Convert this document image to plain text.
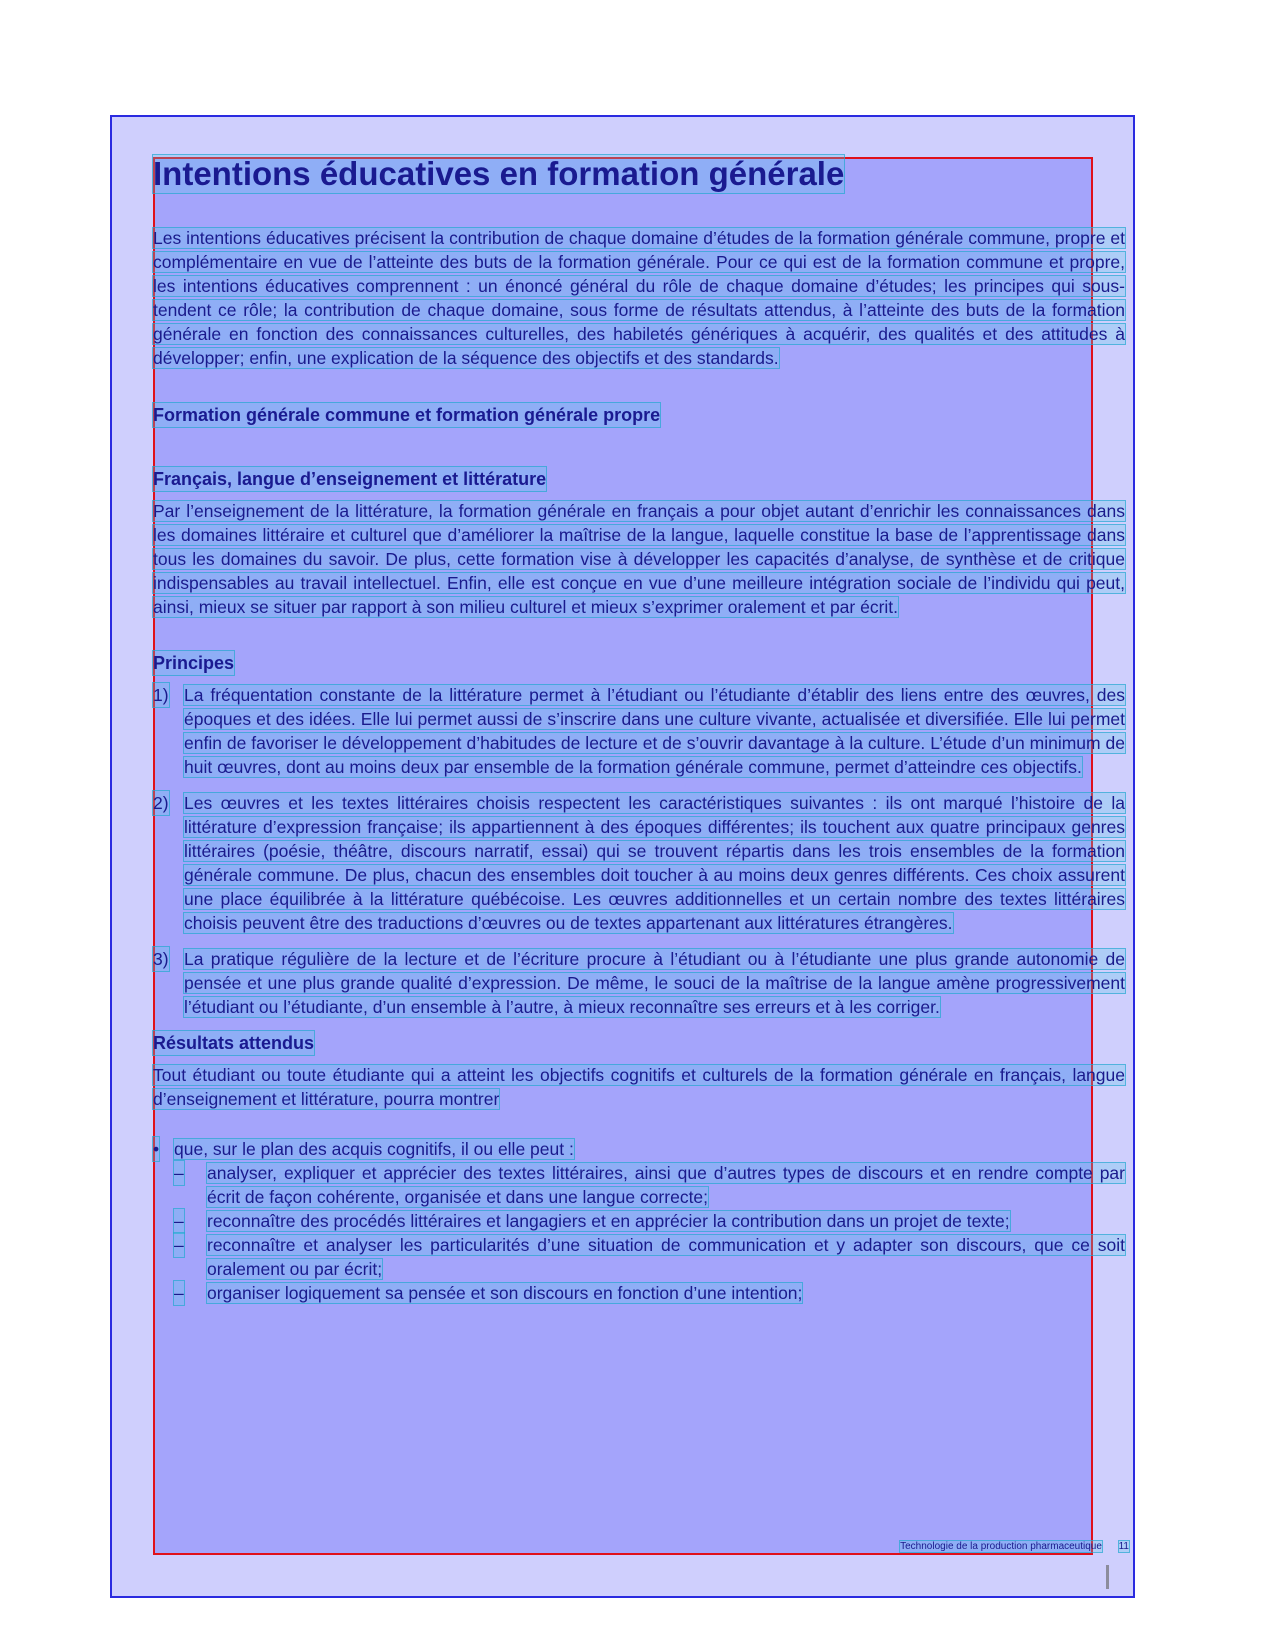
Intentions éducatives en formation générale

Les intentions éducatives précisent la contribution de chaque domaine d’études de la formation générale commune, propre et complémentaire en vue de l’atteinte des buts de la formation générale. Pour ce qui est de la formation commune et propre, les intentions éducatives comprennent : un énoncé général du rôle de chaque domaine d’études; les principes qui sous-tendent ce rôle; la contribution de chaque domaine, sous forme de résultats attendus, à l’atteinte des buts de la formation générale en fonction des connaissances culturelles, des habiletés génériques à acquérir, des qualités et des attitudes à développer; enfin, une explication de la séquence des objectifs et des standards.

Formation générale commune et formation générale propre
Français, langue d’enseignement et littérature

Par l’enseignement de la littérature, la formation générale en français a pour objet autant d’enrichir les connaissances dans les domaines littéraire et culturel que d’améliorer la maîtrise de la langue, laquelle constitue la base de l’apprentissage dans tous les domaines du savoir. De plus, cette formation vise à développer les capacités d’analyse, de synthèse et de critique indispensables au travail intellectuel. Enfin, elle est conçue en vue d’une meilleure intégration sociale de l’individu qui peut, ainsi, mieux se situer par rapport à son milieu culturel et mieux s’exprimer oralement et par écrit.

Principes
1) La fréquentation constante de la littérature permet à l’étudiant ou l’étudiante d’établir des liens entre des œuvres, des époques et des idées. Elle lui permet aussi de s’inscrire dans une culture vivante, actualisée et diversifiée. Elle lui permet enfin de favoriser le développement d’habitudes de lecture et de s’ouvrir davantage à la culture. L’étude d’un minimum de huit œuvres, dont au moins deux par ensemble de la formation générale commune, permet d’atteindre ces objectifs.
2) Les œuvres et les textes littéraires choisis respectent les caractéristiques suivantes : ils ont marqué l’histoire de la littérature d’expression française; ils appartiennent à des époques différentes; ils touchent aux quatre principaux genres littéraires (poésie, théâtre, discours narratif, essai) qui se trouvent répartis dans les trois ensembles de la formation générale commune. De plus, chacun des ensembles doit toucher à au moins deux genres différents. Ces choix assurent une place équilibrée à la littérature québécoise. Les œuvres additionnelles et un certain nombre des textes littéraires choisis peuvent être des traductions d’œuvres ou de textes appartenant aux littératures étrangères.
3) La pratique régulière de la lecture et de l’écriture procure à l’étudiant ou à l’étudiante une plus grande autonomie de pensée et une plus grande qualité d’expression. De même, le souci de la maîtrise de la langue amène progressivement l’étudiant ou l’étudiante, d’un ensemble à l’autre, à mieux reconnaître ses erreurs et à les corriger.
Résultats attendus

Tout étudiant ou toute étudiante qui a atteint les objectifs cognitifs et culturels de la formation générale en français, langue d’enseignement et littérature, pourra montrer

• que, sur le plan des acquis cognitifs, il ou elle peut :
– analyser, expliquer et apprécier des textes littéraires, ainsi que d’autres types de discours et en rendre compte par écrit de façon cohérente, organisée et dans une langue correcte;
– reconnaître des procédés littéraires et langagiers et en apprécier la contribution dans un projet de texte;
– reconnaître et analyser les particularités d’une situation de communication et y adapter son discours, que ce soit oralement ou par écrit;
– organiser logiquement sa pensée et son discours en fonction d’une intention;
Technologie de la production pharmaceutique 11
